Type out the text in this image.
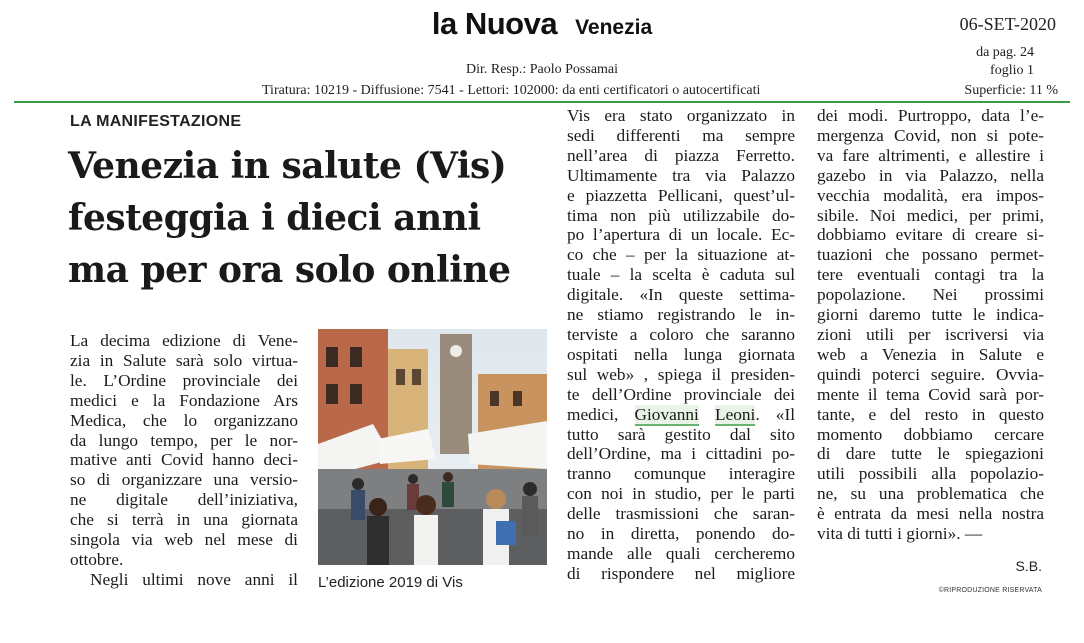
la Nuova Venezia	06-SET-2020
da pag. 24
foglio 1
Dir. Resp.: Paolo Possamai
Tiratura: 10219 - Diffusione: 7541 - Lettori: 102000: da enti certificatori o autocertificati	Superficie: 11 %
LA MANIFESTAZIONE
Venezia in salute (Vis)
festeggia i dieci anni
ma per ora solo online
La decima edizione di Vene-
zia in Salute sarà solo virtua-
le. L’Ordine provinciale dei
medici e la Fondazione Ars
Medica, che lo organizzano
da lungo tempo, per le nor-
mative anti Covid hanno deci-
so di organizzare una versio-
ne digitale dell’iniziativa,
che si terrà in una giornata
singola via web nel mese di
ottobre.
Negli ultimi nove anni il L’edizione 2019 di Vis
Vis era stato organizzato in
sedi differenti ma sempre
nell’area di piazza Ferretto.
Ultimamente tra via Palazzo
e piazzetta Pellicani, quest’ul-
tima non più utilizzabile do-
po l’apertura di un locale. Ec-
co che – per la situazione at-
tuale – la scelta è caduta sul
digitale. «In queste settima-
ne stiamo registrando le in-
terviste a coloro che saranno
ospitati nella lunga giornata
sul web» , spiega il presiden-
te dell’Ordine provinciale dei
medici, Giovanni Leoni. «Il
tutto sarà gestito dal sito
dell’Ordine, ma i cittadini po-
tranno comunque interagire
con noi in studio, per le parti
delle trasmissioni che saran-
no in diretta, ponendo do-
mande alle quali cercheremo
di rispondere nel migliore
dei modi. Purtroppo, data l’e-
mergenza Covid, non si pote-
va fare altrimenti, e allestire i
gazebo in via Palazzo, nella
vecchia modalità, era impos-
sibile. Noi medici, per primi,
dobbiamo evitare di creare si-
tuazioni che possano permet-
tere eventuali contagi tra la
popolazione. Nei prossimi
giorni daremo tutte le indica-
zioni utili per iscriversi via
web a Venezia in Salute e
quindi poterci seguire. Ovvia-
mente il tema Covid sarà por-
tante, e del resto in questo
momento dobbiamo cercare
di dare tutte le spiegazioni
utili possibili alla popolazio-
ne, su una problematica che
è entrata da mesi nella nostra
vita di tutti i giorni». —
S.B.
©RIPRODUZIONE RISERVATA
